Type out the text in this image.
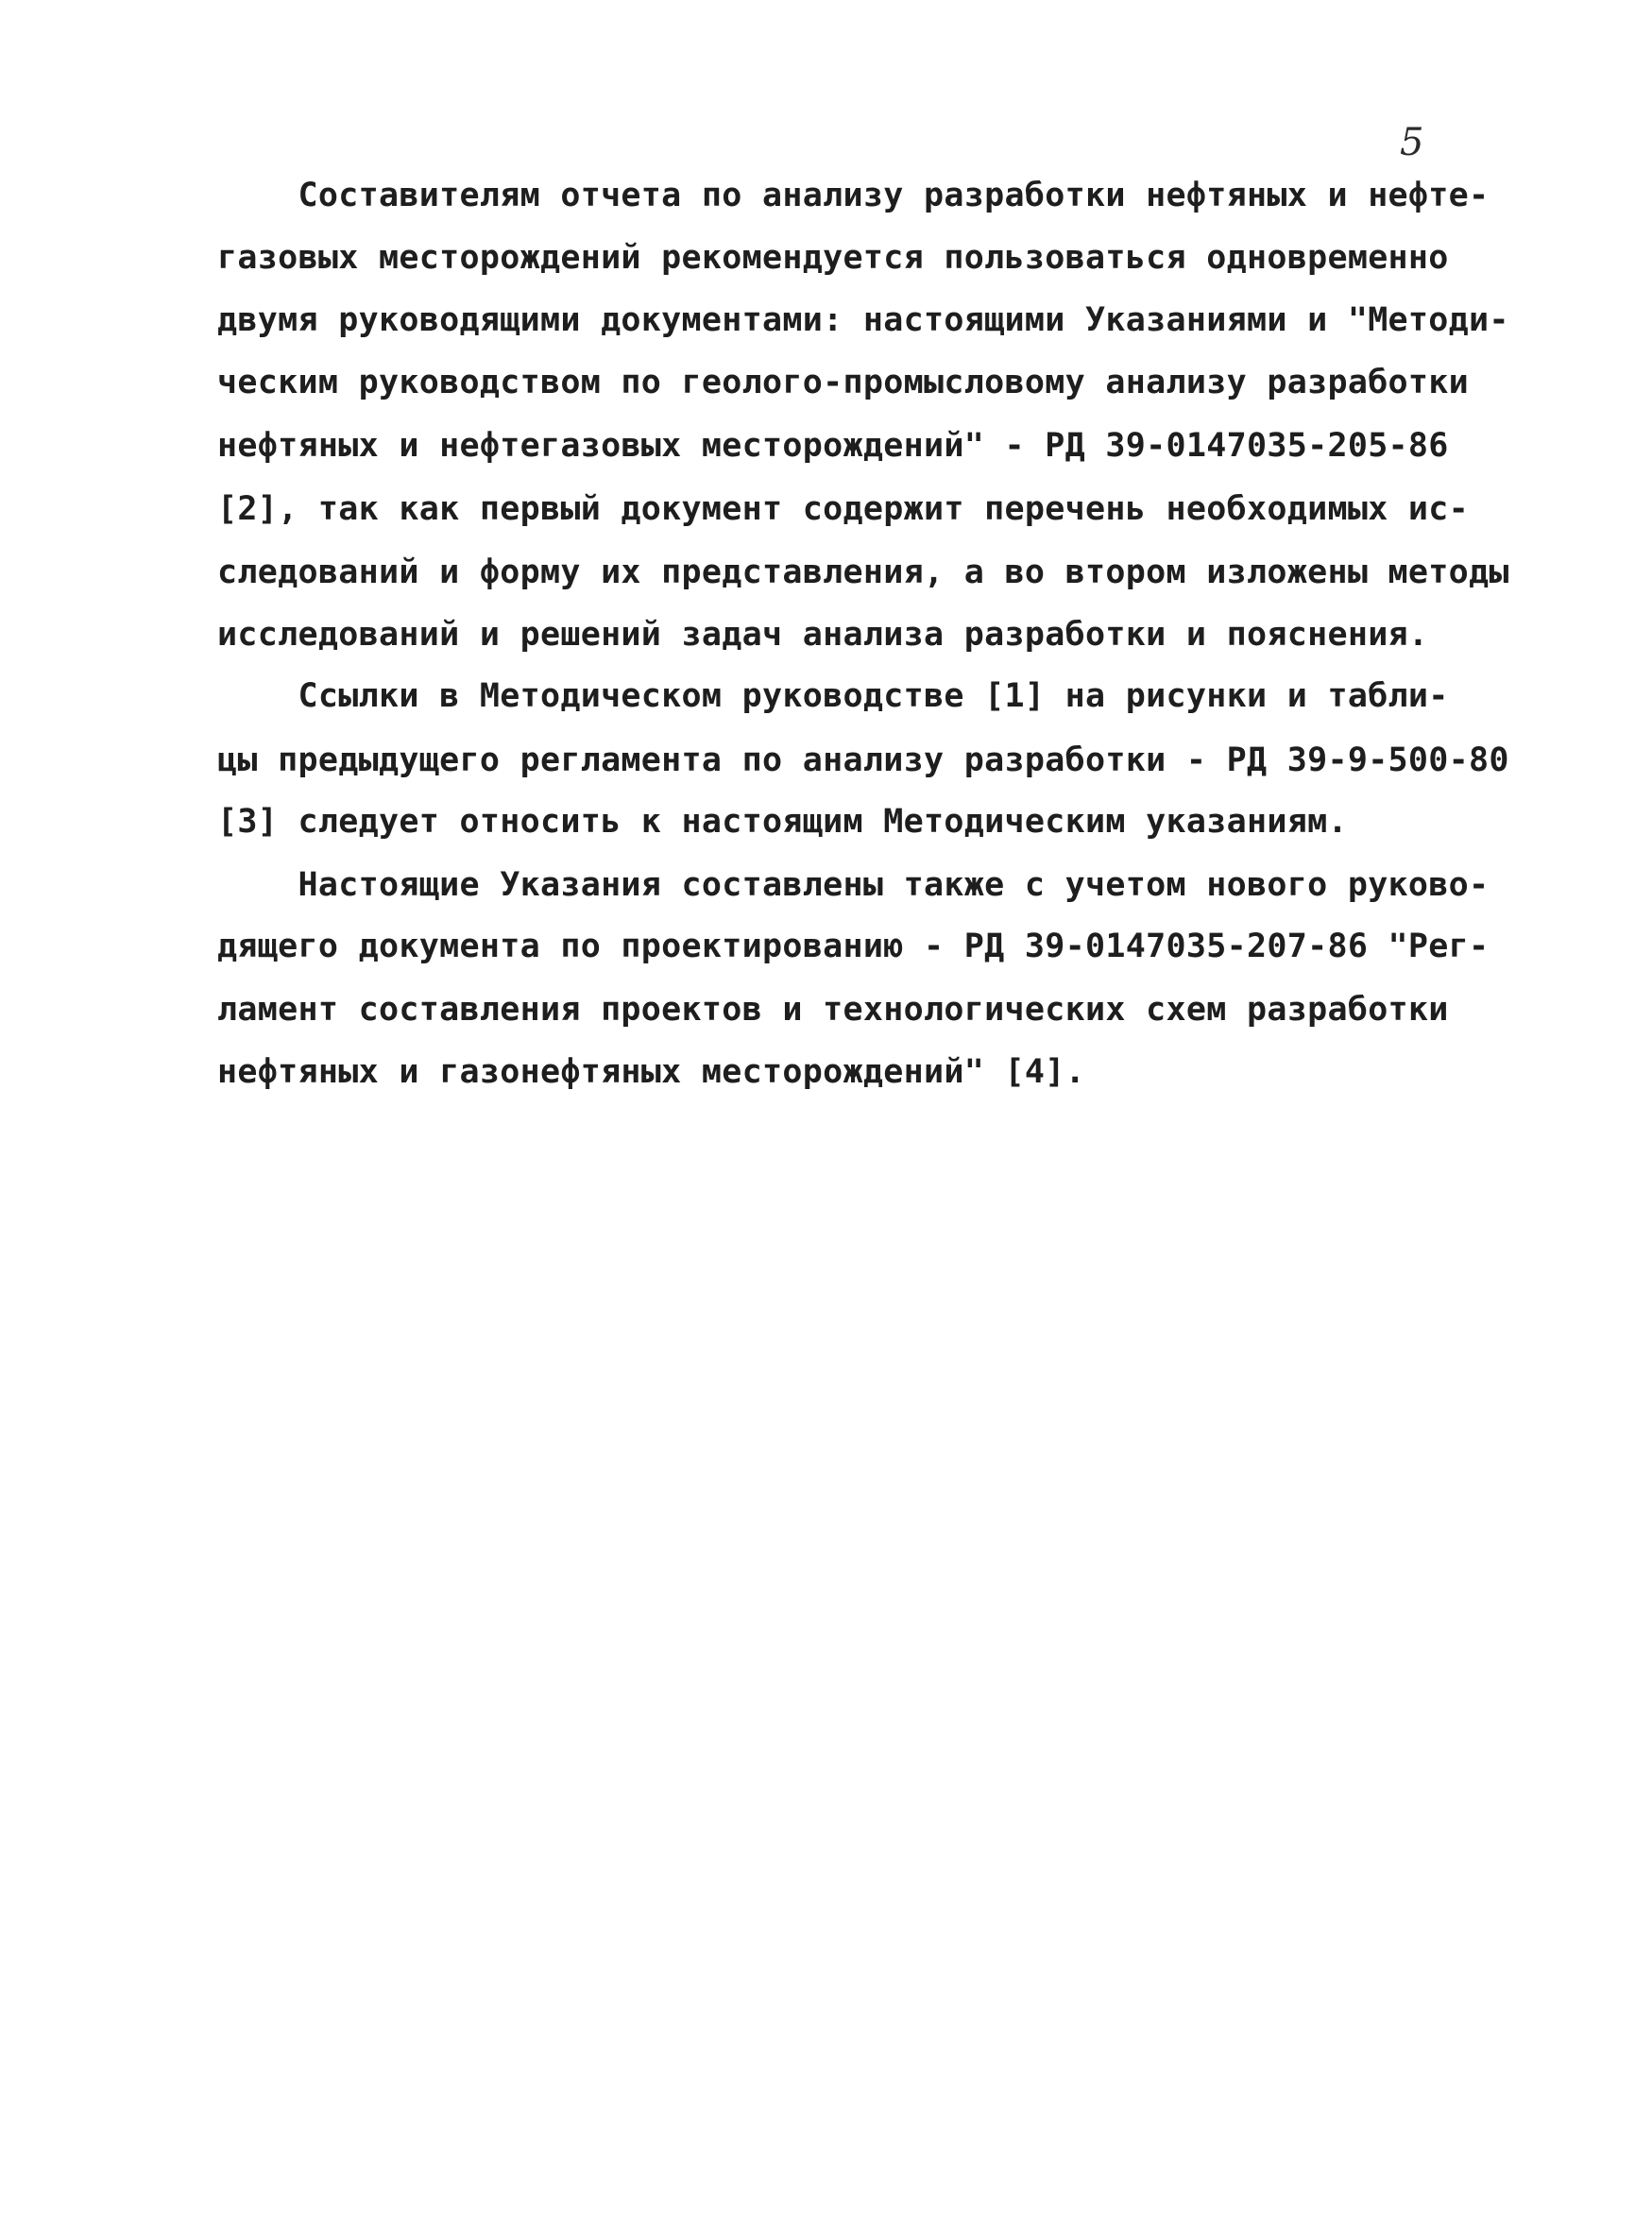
5
Составителям отчета по анализу разработки нефтяных и нефте-
газовых месторождений рекомендуется пользоваться одновременно
двумя руководящими документами: настоящими Указаниями и "Методи-
ческим руководством по геолого-промысловому анализу разработки
нефтяных и нефтегазовых месторождений" - РД 39-0147035-205-86
[2], так как первый документ содержит перечень необходимых ис-
следований и форму их представления, а во втором изложены методы
исследований и решений задач анализа разработки и пояснения.
Ссылки в Методическом руководстве [1] на рисунки и табли-
цы предыдущего регламента по анализу разработки - РД 39-9-500-80
[3] следует относить к настоящим Методическим указаниям.
Настоящие Указания составлены также с учетом нового руково-
дящего документа по проектированию - РД 39-0147035-207-86 "Рег-
ламент составления проектов и технологических схем разработки
нефтяных и газонефтяных месторождений" [4].
